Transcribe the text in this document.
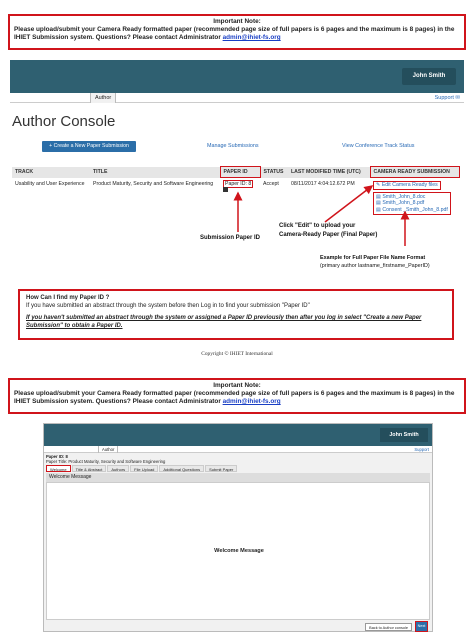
Important Note:
Please upload/submit your Camera Ready formatted paper (recommended page size of full papers is 6 pages and the maximum is 8 pages) in the
IHIET Submission system. Questions? Please contact Administrator admin@ihiet-fs.org
John Smith
Author	Support ✉
Author Console
+ Create a New Paper Submission	Manage Submissions	View Conference Track Status
TRACK	TITLE	PAPER ID	STATUS	LAST MODIFIED TIME (UTC)	CAMERA READY SUBMISSION
Usability and User Experience	Product Maturity, Security and Software Engineering	Paper ID: 8	Accept	08/11/2017 4:04:12.672 PM	✎ Edit Camera Ready files
▤ Smith_John_8.doc
▤ Smith_John_8.pdf
▤ Consent _Smith_John_8.pdf
Click "Edit" to upload your
Camera-Ready Paper (Final Paper)
Submission Paper ID
Example for Full Paper File Name Format
(primary author lastname_firstname_PaperID)
How Can I find my Paper ID ?
If you have submitted an abstract through the system before then Log in to find your submission "Paper ID"
If you haven't submitted an abstract through the system or assigned a Paper ID previously then after you log in select "Create a new Paper Submission" to obtain a Paper ID.
Copyright © IHIET International
Important Note:
Please upload/submit your Camera Ready formatted paper (recommended page size of full papers is 6 pages and the maximum is 8 pages) in the
IHIET Submission system. Questions? Please contact Administrator admin@ihiet-fs.org
John Smith
Author	Support
Paper ID: 8
Paper Title: Product Maturity, Security and Software Engineering
Welcome	Title & Abstract	Authors	File Upload	Additional Questions	Submit Paper
Welcome Message
Welcome Message
Back to Author console	Next
